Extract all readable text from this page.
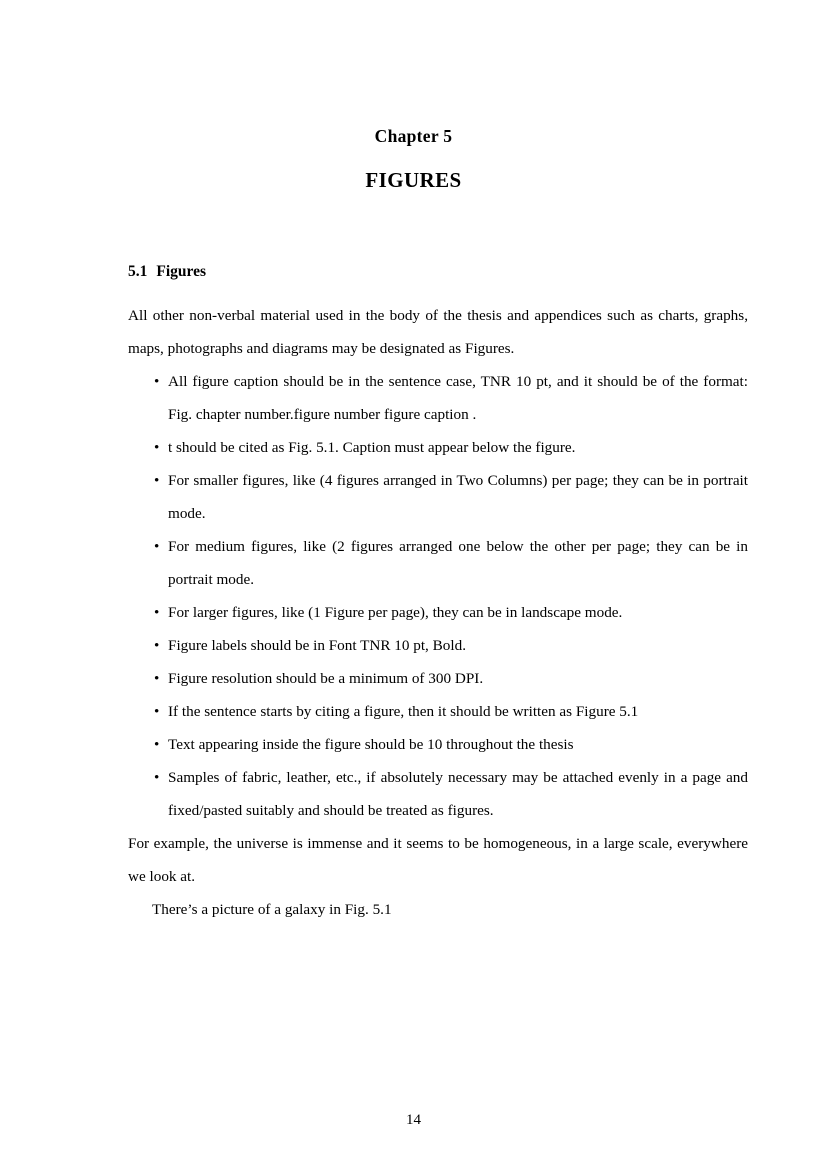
Chapter 5
FIGURES
5.1 Figures

All other non-verbal material used in the body of the thesis and appendices such as charts, graphs, maps, photographs and diagrams may be designated as Figures.

• All figure caption should be in the sentence case, TNR 10 pt, and it should be of the format: Fig. chapter number.figure number figure caption .
• t should be cited as Fig. 5.1. Caption must appear below the figure.
• For smaller figures, like (4 figures arranged in Two Columns) per page; they can be in portrait mode.
• For medium figures, like (2 figures arranged one below the other per page; they can be in portrait mode.
• For larger figures, like (1 Figure per page), they can be in landscape mode.
• Figure labels should be in Font TNR 10 pt, Bold.
• Figure resolution should be a minimum of 300 DPI.
• If the sentence starts by citing a figure, then it should be written as Figure 5.1
• Text appearing inside the figure should be 10 throughout the thesis
• Samples of fabric, leather, etc., if absolutely necessary may be attached evenly in a page and fixed/pasted suitably and should be treated as figures.

For example, the universe is immense and it seems to be homogeneous, in a large scale, everywhere we look at.

There’s a picture of a galaxy in Fig. 5.1

14
